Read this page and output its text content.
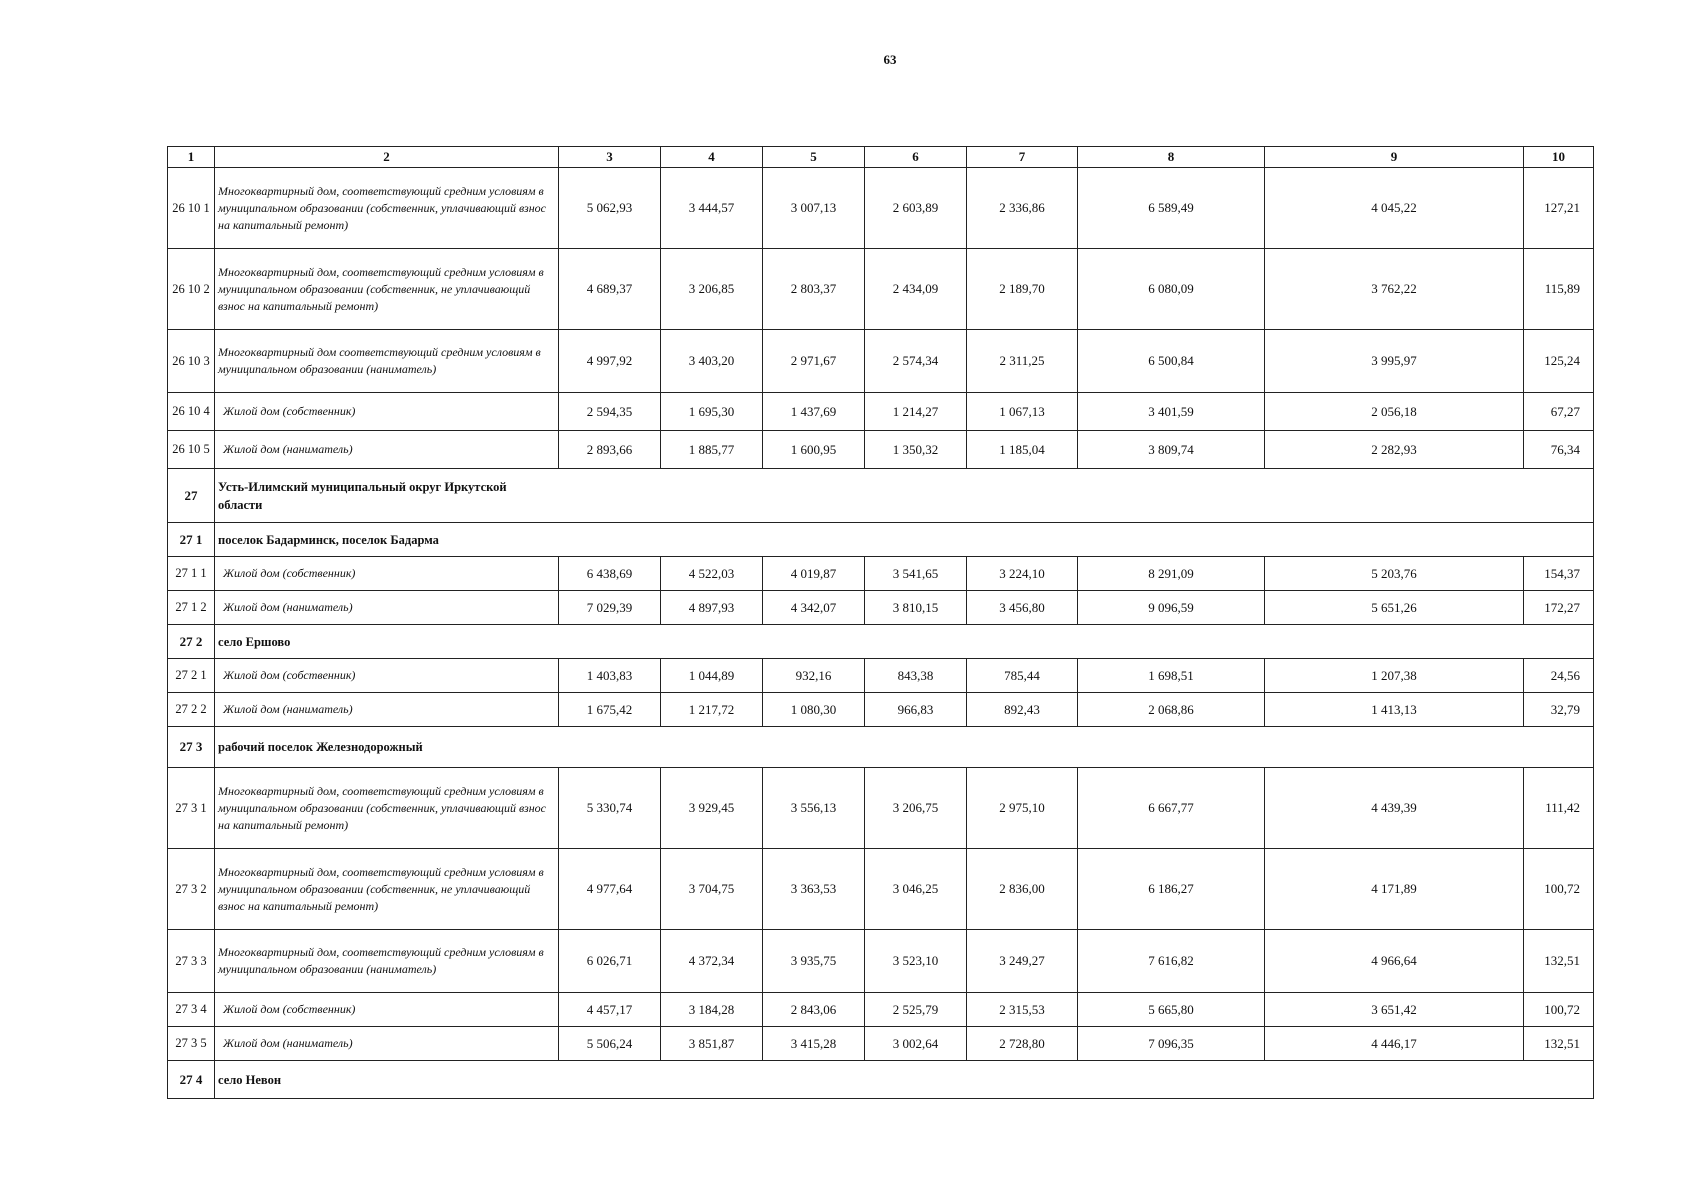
63
1	2	3	4	5	6	7	8	9	10
26 10 1	Многоквартирный дом, соответствующий средним условиям в муниципальном образовании (собственник, уплачивающий взнос на капитальный ремонт)	5 062,93	3 444,57	3 007,13	2 603,89	2 336,86	6 589,49	4 045,22	127,21
26 10 2	Многоквартирный дом, соответствующий средним условиям в муниципальном образовании (собственник, не уплачивающий взнос на капитальный ремонт)	4 689,37	3 206,85	2 803,37	2 434,09	2 189,70	6 080,09	3 762,22	115,89
26 10 3	Многоквартирный дом соответствующий средним условиям в муниципальном образовании (наниматель)	4 997,92	3 403,20	2 971,67	2 574,34	2 311,25	6 500,84	3 995,97	125,24
26 10 4	Жилой дом (собственник)	2 594,35	1 695,30	1 437,69	1 214,27	1 067,13	3 401,59	2 056,18	67,27
26 10 5	Жилой дом (наниматель)	2 893,66	1 885,77	1 600,95	1 350,32	1 185,04	3 809,74	2 282,93	76,34
27	Усть-Илимский муниципальный округ Иркутской области								
27 1	поселок Бадарминск, поселок Бадарма								
27 1 1	Жилой дом (собственник)	6 438,69	4 522,03	4 019,87	3 541,65	3 224,10	8 291,09	5 203,76	154,37
27 1 2	Жилой дом (наниматель)	7 029,39	4 897,93	4 342,07	3 810,15	3 456,80	9 096,59	5 651,26	172,27
27 2	село Ершово								
27 2 1	Жилой дом (собственник)	1 403,83	1 044,89	932,16	843,38	785,44	1 698,51	1 207,38	24,56
27 2 2	Жилой дом (наниматель)	1 675,42	1 217,72	1 080,30	966,83	892,43	2 068,86	1 413,13	32,79
27 3	рабочий поселок Железнодорожный								
27 3 1	Многоквартирный дом, соответствующий средним условиям в муниципальном образовании (собственник, уплачивающий взнос на капитальный ремонт)	5 330,74	3 929,45	3 556,13	3 206,75	2 975,10	6 667,77	4 439,39	111,42
27 3 2	Многоквартирный дом, соответствующий средним условиям в муниципальном образовании (собственник, не уплачивающий взнос на капитальный ремонт)	4 977,64	3 704,75	3 363,53	3 046,25	2 836,00	6 186,27	4 171,89	100,72
27 3 3	Многоквартирный дом, соответствующий средним условиям в муниципальном образовании (наниматель)	6 026,71	4 372,34	3 935,75	3 523,10	3 249,27	7 616,82	4 966,64	132,51
27 3 4	Жилой дом (собственник)	4 457,17	3 184,28	2 843,06	2 525,79	2 315,53	5 665,80	3 651,42	100,72
27 3 5	Жилой дом (наниматель)	5 506,24	3 851,87	3 415,28	3 002,64	2 728,80	7 096,35	4 446,17	132,51
27 4	село Невон								
